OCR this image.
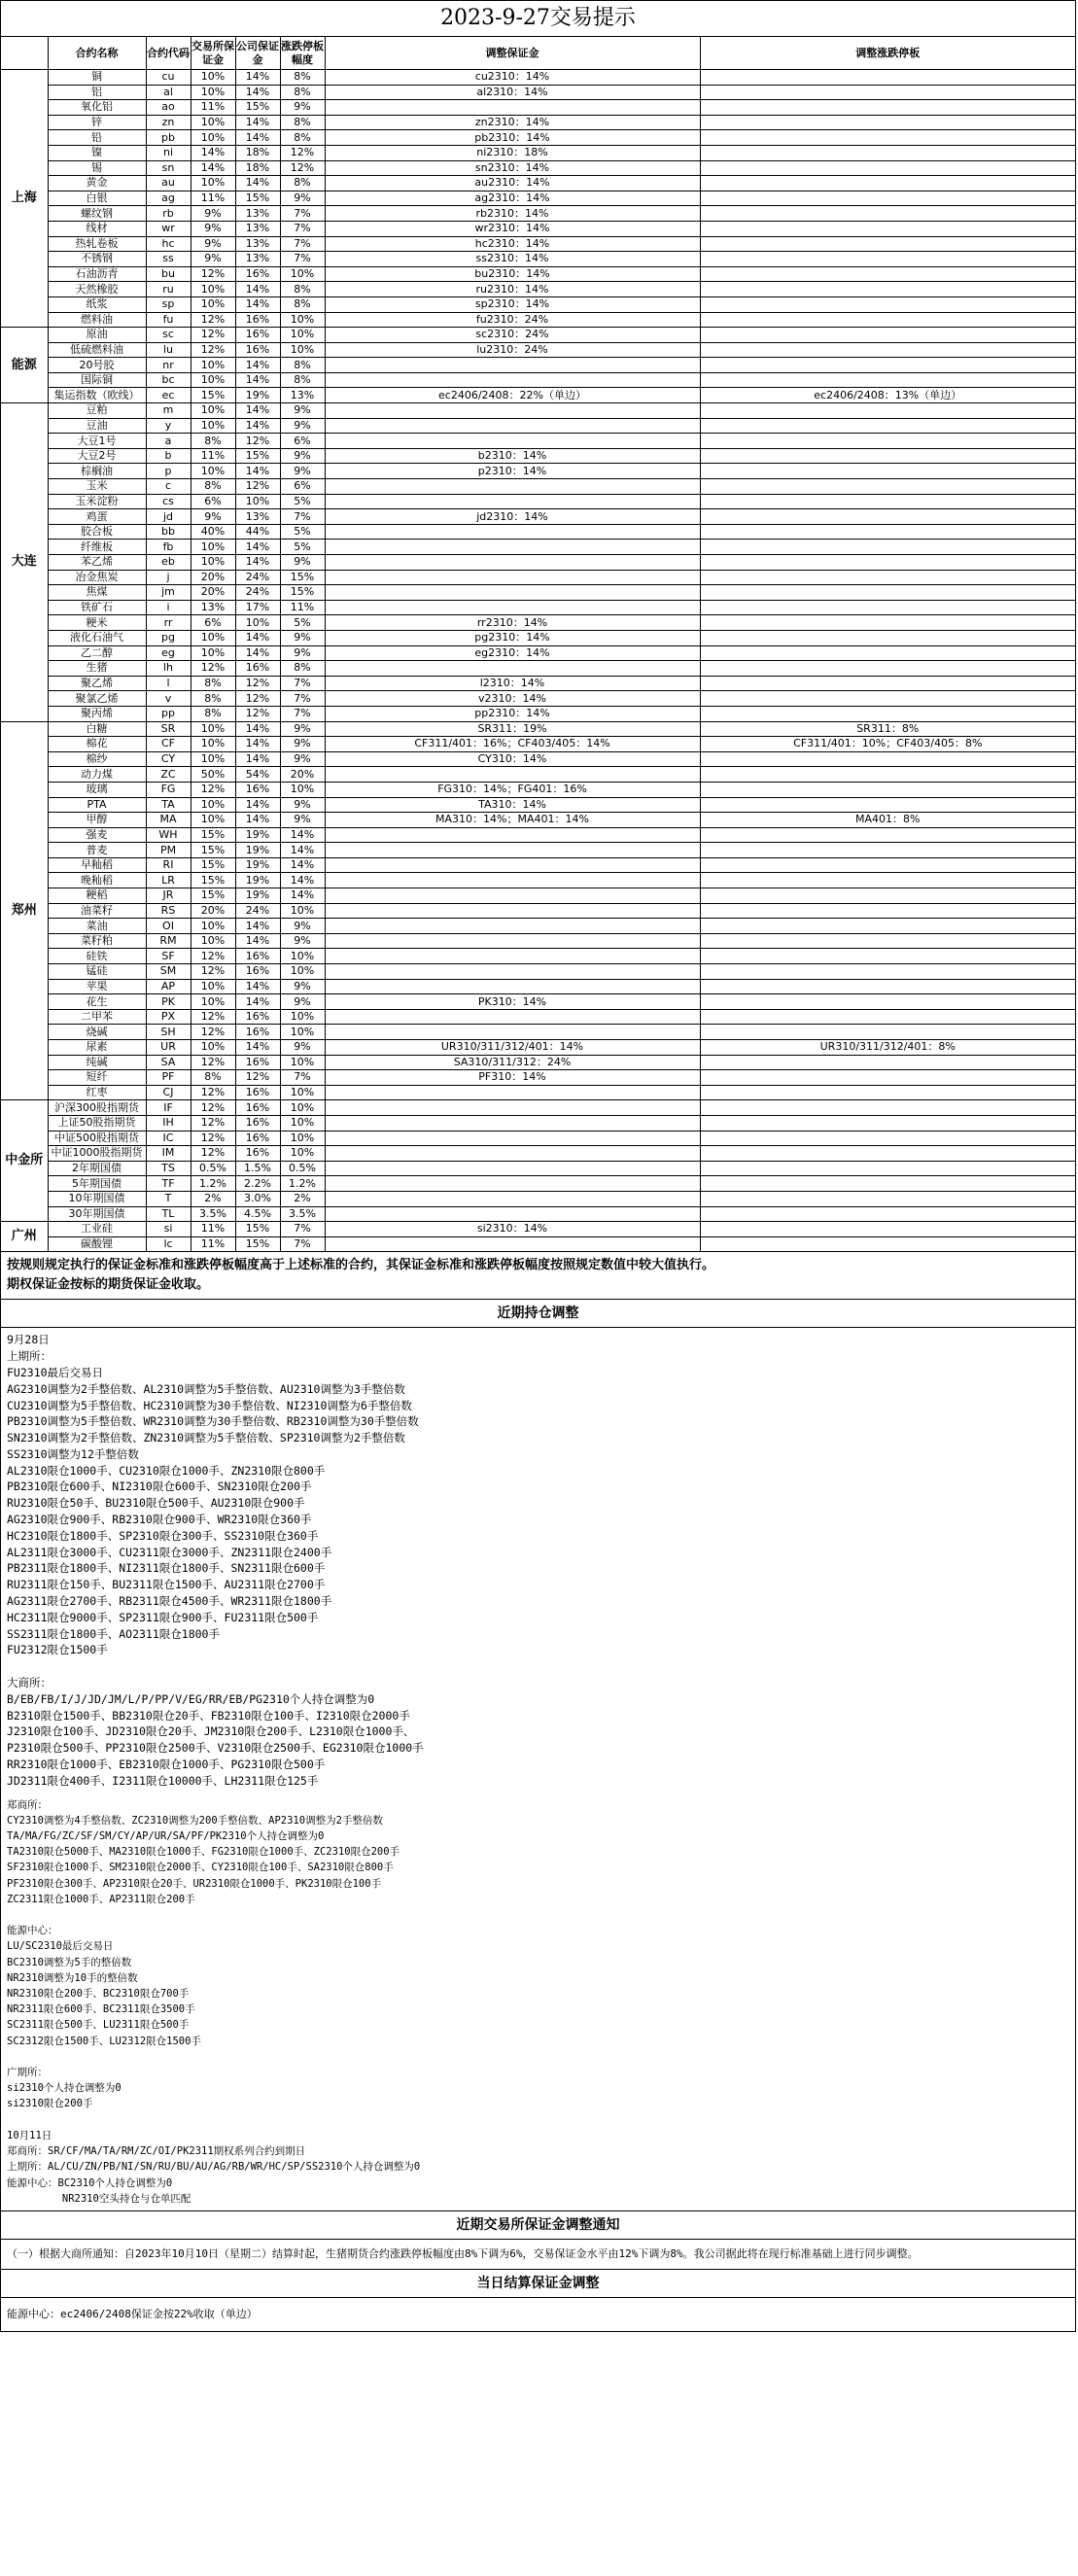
2023-9-27交易提示
	合约名称	合约代码	交易所保证金	公司保证金	涨跌停板幅度	调整保证金	调整涨跌停板
上海	铜	cu	10%	14%	8%	cu2310：14%	
	铝	al	10%	14%	8%	al2310：14%	
	氧化铝	ao	11%	15%	9%		
	锌	zn	10%	14%	8%	zn2310：14%	
	铅	pb	10%	14%	8%	pb2310：14%	
	镍	ni	14%	18%	12%	ni2310：18%	
	锡	sn	14%	18%	12%	sn2310：14%	
	黄金	au	10%	14%	8%	au2310：14%	
	白银	ag	11%	15%	9%	ag2310：14%	
	螺纹钢	rb	9%	13%	7%	rb2310：14%	
	线材	wr	9%	13%	7%	wr2310：14%	
	热轧卷板	hc	9%	13%	7%	hc2310：14%	
	不锈钢	ss	9%	13%	7%	ss2310：14%	
	石油沥青	bu	12%	16%	10%	bu2310：14%	
	天然橡胶	ru	10%	14%	8%	ru2310：14%	
	纸浆	sp	10%	14%	8%	sp2310：14%	
	燃料油	fu	12%	16%	10%	fu2310：24%	
能源	原油	sc	12%	16%	10%	sc2310：24%	
	低硫燃料油	lu	12%	16%	10%	lu2310：24%	
	20号胶	nr	10%	14%	8%		
	国际铜	bc	10%	14%	8%		
	集运指数（欧线）	ec	15%	19%	13%	ec2406/2408：22%（单边）	ec2406/2408：13%（单边）
大连	豆粕	m	10%	14%	9%		
	豆油	y	10%	14%	9%		
	大豆1号	a	8%	12%	6%		
	大豆2号	b	11%	15%	9%	b2310：14%	
	棕榈油	p	10%	14%	9%	p2310：14%	
	玉米	c	8%	12%	6%		
	玉米淀粉	cs	6%	10%	5%		
	鸡蛋	jd	9%	13%	7%	jd2310：14%	
	胶合板	bb	40%	44%	5%		
	纤维板	fb	10%	14%	5%		
	苯乙烯	eb	10%	14%	9%		
	冶金焦炭	j	20%	24%	15%		
	焦煤	jm	20%	24%	15%		
	铁矿石	i	13%	17%	11%		
	粳米	rr	6%	10%	5%	rr2310：14%	
	液化石油气	pg	10%	14%	9%	pg2310：14%	
	乙二醇	eg	10%	14%	9%	eg2310：14%	
	生猪	lh	12%	16%	8%		
	聚乙烯	l	8%	12%	7%	l2310：14%	
	聚氯乙烯	v	8%	12%	7%	v2310：14%	
	聚丙烯	pp	8%	12%	7%	pp2310：14%	
郑州	白糖	SR	10%	14%	9%	SR311：19%	SR311：8%
	棉花	CF	10%	14%	9%	CF311/401：16%；CF403/405：14%	CF311/401：10%；CF403/405：8%
	棉纱	CY	10%	14%	9%	CY310：14%	
	动力煤	ZC	50%	54%	20%		
	玻璃	FG	12%	16%	10%	FG310：14%；FG401：16%	
	PTA	TA	10%	14%	9%	TA310：14%	
	甲醇	MA	10%	14%	9%	MA310：14%；MA401：14%	MA401：8%
	强麦	WH	15%	19%	14%		
	普麦	PM	15%	19%	14%		
	早籼稻	RI	15%	19%	14%		
	晚籼稻	LR	15%	19%	14%		
	粳稻	JR	15%	19%	14%		
	油菜籽	RS	20%	24%	10%		
	菜油	OI	10%	14%	9%		
	菜籽粕	RM	10%	14%	9%		
	硅铁	SF	12%	16%	10%		
	锰硅	SM	12%	16%	10%		
	苹果	AP	10%	14%	9%		
	花生	PK	10%	14%	9%	PK310：14%	
	二甲苯	PX	12%	16%	10%		
	烧碱	SH	12%	16%	10%		
	尿素	UR	10%	14%	9%	UR310/311/312/401：14%	UR310/311/312/401：8%
	纯碱	SA	12%	16%	10%	SA310/311/312：24%	
	短纤	PF	8%	12%	7%	PF310：14%	
	红枣	CJ	12%	16%	10%		
中金所	沪深300股指期货	IF	12%	16%	10%		
	上证50股指期货	IH	12%	16%	10%		
	中证500股指期货	IC	12%	16%	10%		
	中证1000股指期货	IM	12%	16%	10%		
	2年期国债	TS	0.5%	1.5%	0.5%		
	5年期国债	TF	1.2%	2.2%	1.2%		
	10年期国债	T	2%	3.0%	2%		
	30年期国债	TL	3.5%	4.5%	3.5%		
广州	工业硅	si	11%	15%	7%	si2310：14%	
	碳酸锂	lc	11%	15%	7%		
按规则规定执行的保证金标准和涨跌停板幅度高于上述标准的合约，其保证金标准和涨跌停板幅度按照规定数值中较大值执行。
期权保证金按标的期货保证金收取。
近期持仓调整
9月28日
上期所：
FU2310最后交易日
AG2310调整为2手整倍数、AL2310调整为5手整倍数、AU2310调整为3手整倍数
CU2310调整为5手整倍数、HC2310调整为30手整倍数、NI2310调整为6手整倍数
PB2310调整为5手整倍数、WR2310调整为30手整倍数、RB2310调整为30手整倍数
SN2310调整为2手整倍数、ZN2310调整为5手整倍数、SP2310调整为2手整倍数
SS2310调整为12手整倍数
AL2310限仓1000手、CU2310限仓1000手、ZN2310限仓800手
PB2310限仓600手、NI2310限仓600手、SN2310限仓200手
RU2310限仓50手、BU2310限仓500手、AU2310限仓900手
AG2310限仓900手、RB2310限仓900手、WR2310限仓360手
HC2310限仓1800手、SP2310限仓300手、SS2310限仓360手
AL2311限仓3000手、CU2311限仓3000手、ZN2311限仓2400手
PB2311限仓1800手、NI2311限仓1800手、SN2311限仓600手
RU2311限仓150手、BU2311限仓1500手、AU2311限仓2700手
AG2311限仓2700手、RB2311限仓4500手、WR2311限仓1800手
HC2311限仓9000手、SP2311限仓900手、FU2311限仓500手
SS2311限仓1800手、AO2311限仓1800手
FU2312限仓1500手

大商所：
B/EB/FB/I/J/JD/JM/L/P/PP/V/EG/RR/EB/PG2310个人持仓调整为0
B2310限仓1500手、BB2310限仓20手、FB2310限仓100手、I2310限仓2000手
J2310限仓100手、JD2310限仓20手、JM2310限仓200手、L2310限仓1000手、
P2310限仓500手、PP2310限仓2500手、V2310限仓2500手、EG2310限仓1000手
RR2310限仓1000手、EB2310限仓1000手、PG2310限仓500手
JD2311限仓400手、I2311限仓10000手、LH2311限仓125手
郑商所：
CY2310调整为4手整倍数、ZC2310调整为200手整倍数、AP2310调整为2手整倍数
TA/MA/FG/ZC/SF/SM/CY/AP/UR/SA/PF/PK2310个人持仓调整为0
TA2310限仓5000手、MA2310限仓1000手、FG2310限仓1000手、ZC2310限仓200手
SF2310限仓1000手、SM2310限仓2000手、CY2310限仓100手、SA2310限仓800手
PF2310限仓300手、AP2310限仓20手、UR2310限仓1000手、PK2310限仓100手
ZC2311限仓1000手、AP2311限仓200手

能源中心：
LU/SC2310最后交易日
BC2310调整为5手的整倍数
NR2310调整为10手的整倍数
NR2310限仓200手、BC2310限仓700手
NR2311限仓600手、BC2311限仓3500手
SC2311限仓500手、LU2311限仓500手
SC2312限仓1500手、LU2312限仓1500手

广期所：
si2310个人持仓调整为0
si2310限仓200手

10月11日
郑商所：SR/CF/MA/TA/RM/ZC/OI/PK2311期权系列合约到期日
上期所：AL/CU/ZN/PB/NI/SN/RU/BU/AU/AG/RB/WR/HC/SP/SS2310个人持仓调整为0
能源中心：BC2310个人持仓调整为0
NR2310空头持仓与仓单匹配
近期交易所保证金调整通知
（一）根据大商所通知：自2023年10月10日（星期二）结算时起，生猪期货合约涨跌停板幅度由8%下调为6%，交易保证金水平由12%下调为8%。我公司据此将在现行标准基础上进行同步调整。
当日结算保证金调整
能源中心：ec2406/2408保证金按22%收取（单边）
